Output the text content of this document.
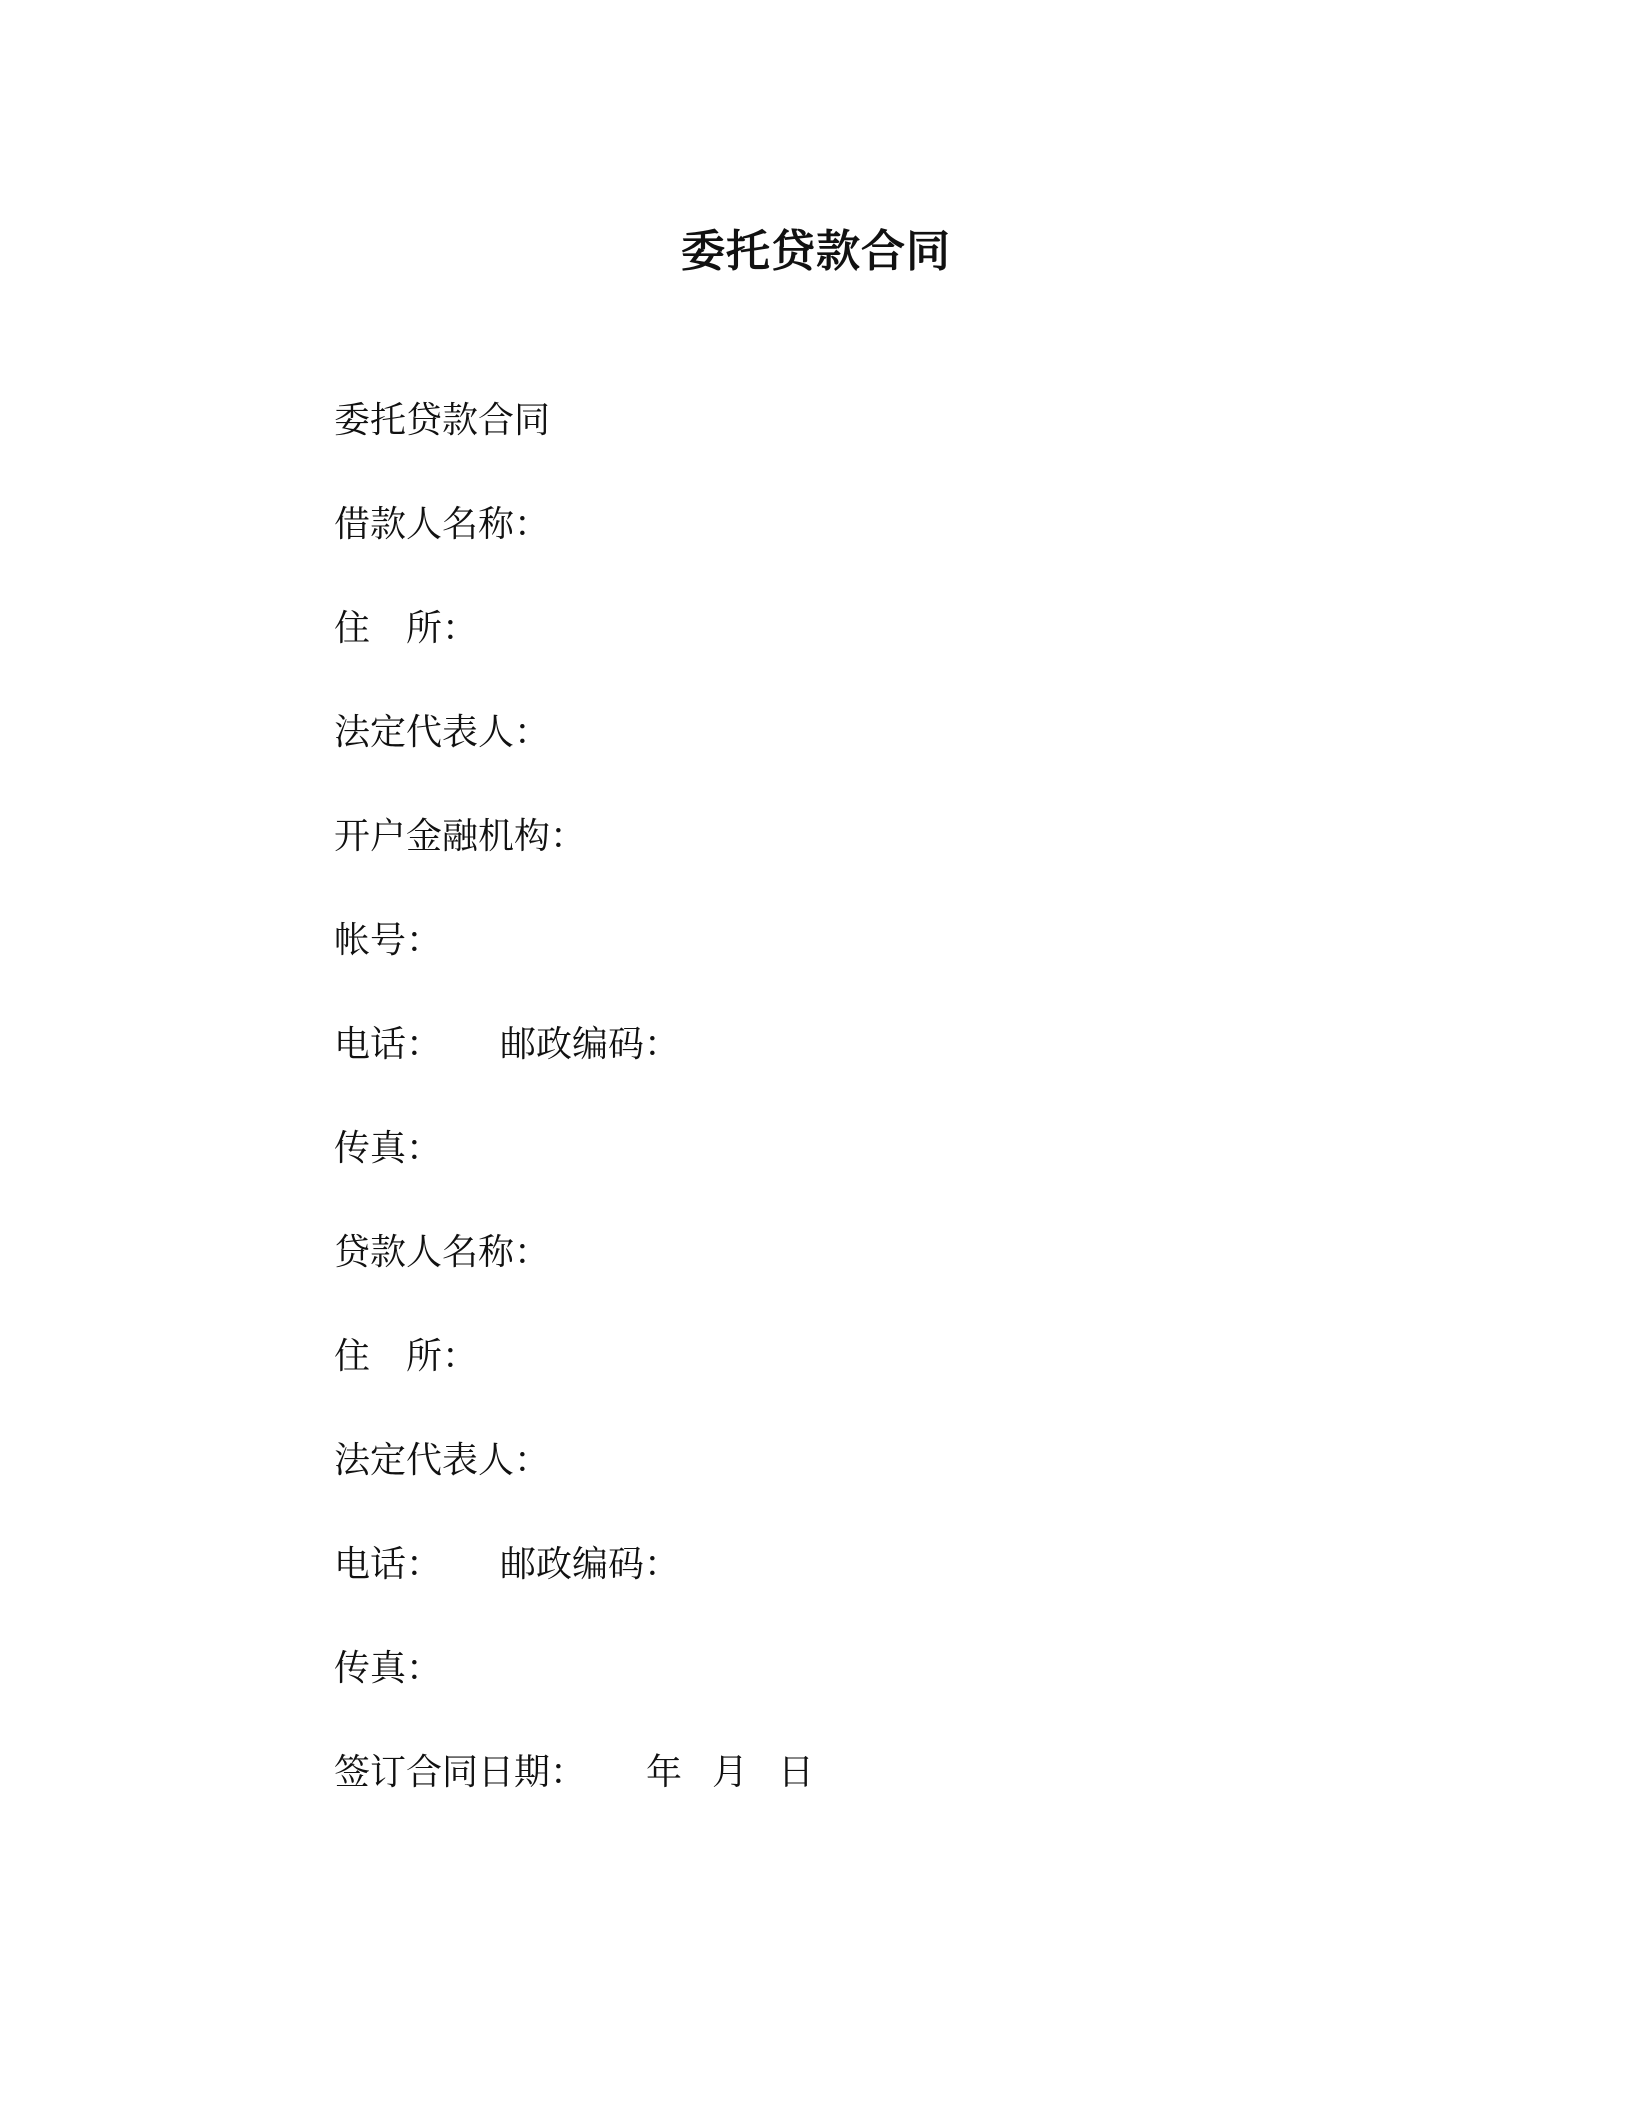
委托贷款合同
委托贷款合同
借款人名称：
住 所：
法定代表人：
开户金融机构：
帐号：
电话： 邮政编码：
传真：
贷款人名称：
住 所：
法定代表人：
电话： 邮政编码：
传真：
签订合同日期： 年 月 日
